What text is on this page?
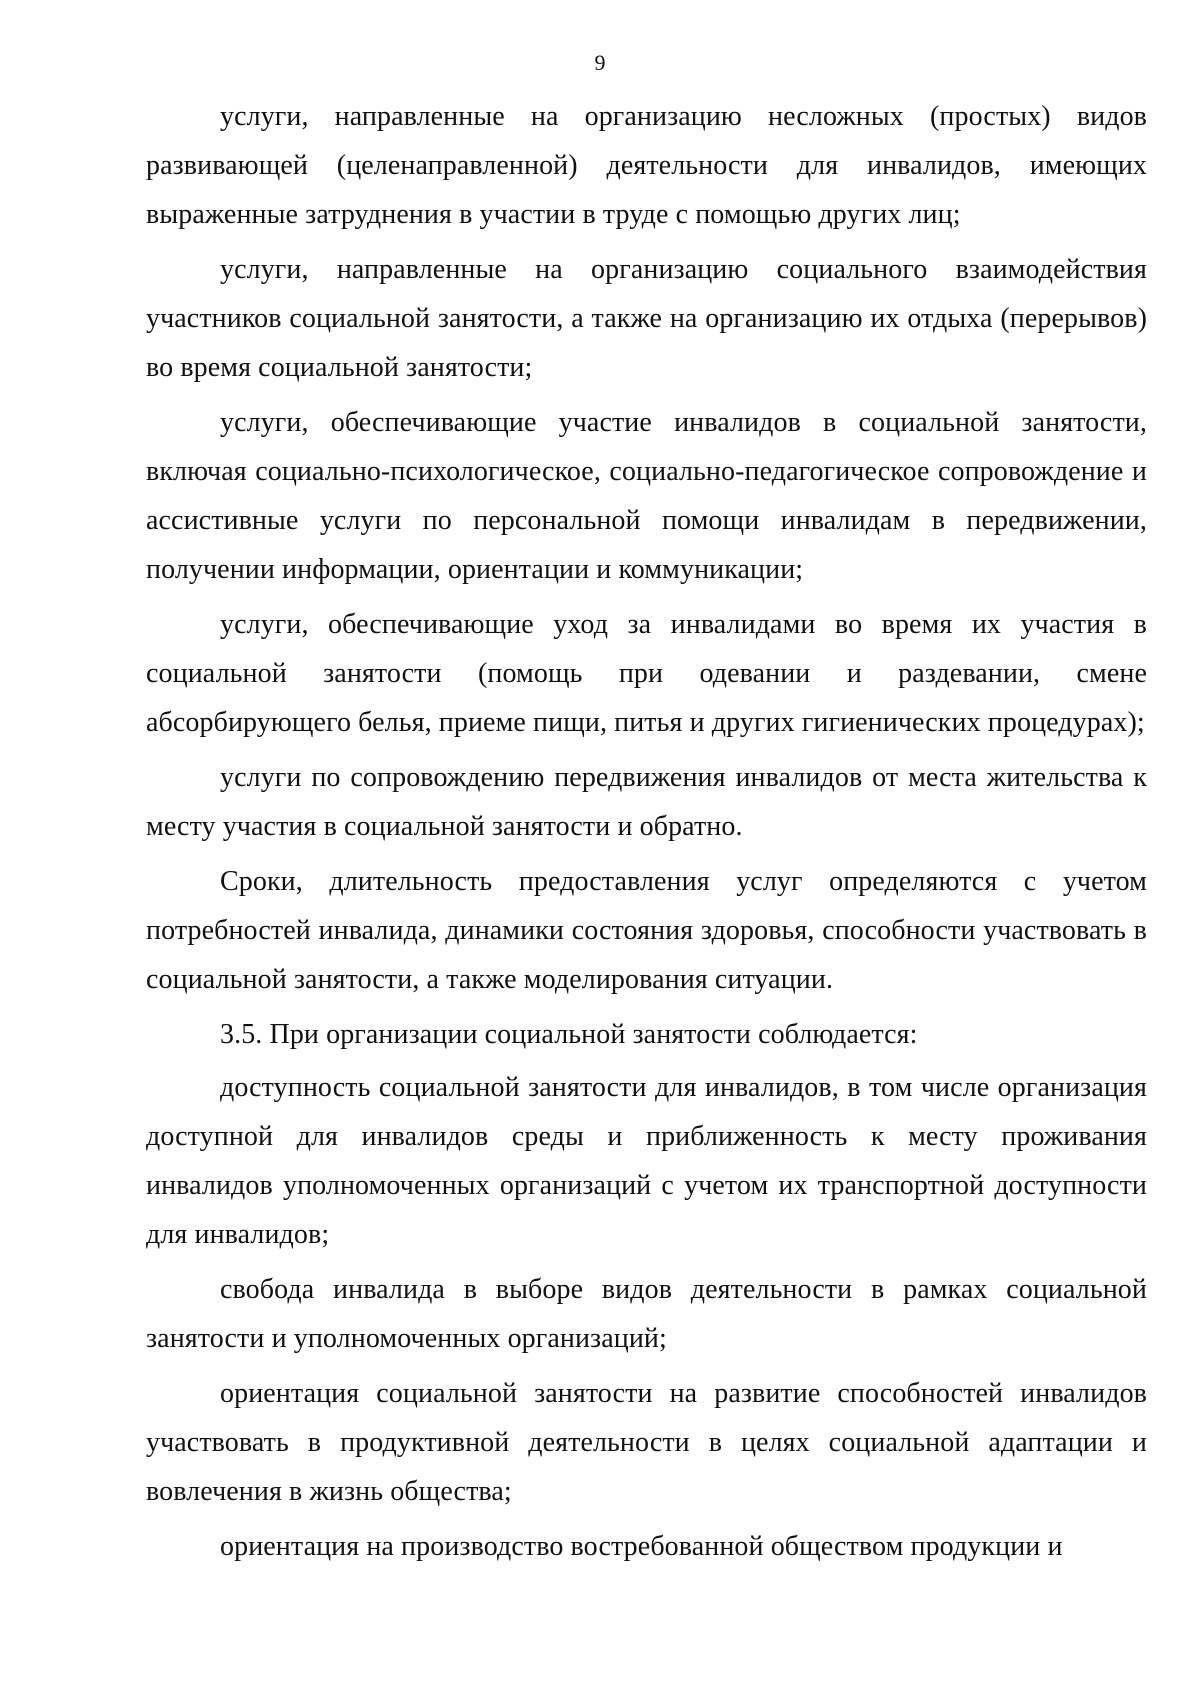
9

услуги, направленные на организацию несложных (простых) видов развивающей (целенаправленной) деятельности для инвалидов, имеющих выраженные затруднения в участии в труде с помощью других лиц;

услуги, направленные на организацию социального взаимодействия участников социальной занятости, а также на организацию их отдыха (перерывов) во время социальной занятости;

услуги, обеспечивающие участие инвалидов в социальной занятости, включая социально-психологическое, социально-педагогическое сопровождение и ассистивные услуги по персональной помощи инвалидам в передвижении, получении информации, ориентации и коммуникации;

услуги, обеспечивающие уход за инвалидами во время их участия в социальной занятости (помощь при одевании и раздевании, смене абсорбирующего белья, приеме пищи, питья и других гигиенических процедурах);

услуги по сопровождению передвижения инвалидов от места жительства к месту участия в социальной занятости и обратно.

Сроки, длительность предоставления услуг определяются с учетом потребностей инвалида, динамики состояния здоровья, способности участвовать в социальной занятости, а также моделирования ситуации.

3.5. При организации социальной занятости соблюдается:

доступность социальной занятости для инвалидов, в том числе организация доступной для инвалидов среды и приближенность к месту проживания инвалидов уполномоченных организаций с учетом их транспортной доступности для инвалидов;

свобода инвалида в выборе видов деятельности в рамках социальной занятости и уполномоченных организаций;

ориентация социальной занятости на развитие способностей инвалидов участвовать в продуктивной деятельности в целях социальной адаптации и вовлечения в жизнь общества;

ориентация на производство востребованной обществом продукции и
